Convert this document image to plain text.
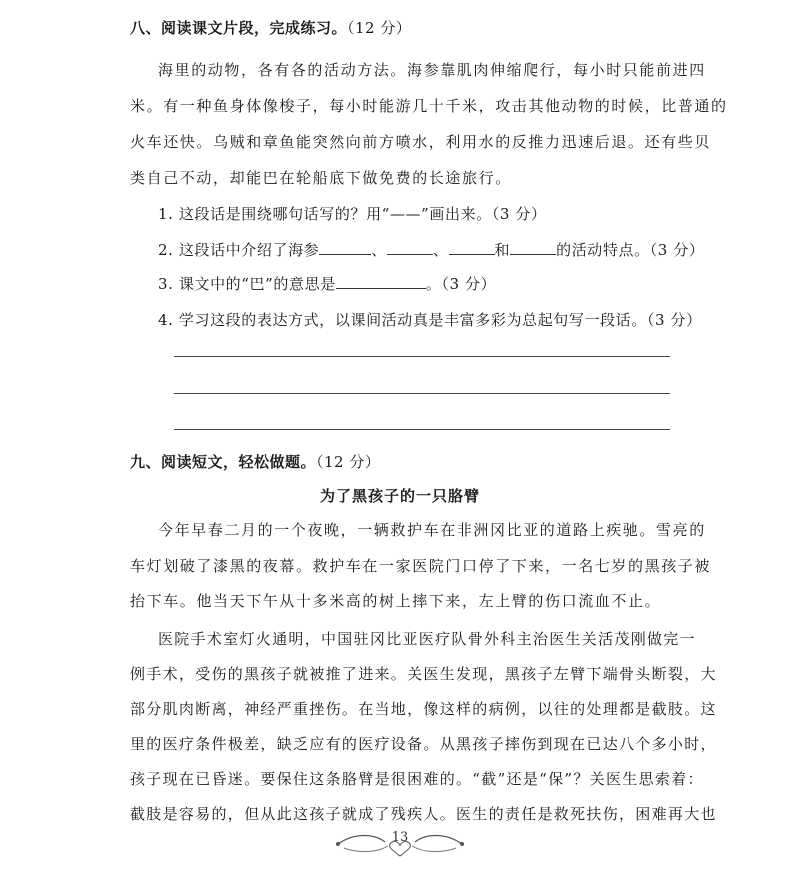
八、阅读课文片段，完成练习。（12 分）
海里的动物，各有各的活动方法。海参靠肌肉伸缩爬行，每小时只能前进四
米。有一种鱼身体像梭子，每小时能游几十千米，攻击其他动物的时候，比普通的
火车还快。乌贼和章鱼能突然向前方喷水，利用水的反推力迅速后退。还有些贝
类自己不动，却能巴在轮船底下做免费的长途旅行。
1. 这段话是围绕哪句话写的？用“——”画出来。（3 分）
2. 这段话中介绍了海参	、	、	和	的活动特点。（3 分）
3. 课文中的“巴”的意思是	。（3 分）
4. 学习这段的表达方式，以课间活动真是丰富多彩为总起句写一段话。（3 分）
九、阅读短文，轻松做题。（12 分）
为了黑孩子的一只胳臂
今年早春二月的一个夜晚，一辆救护车在非洲冈比亚的道路上疾驰。雪亮的
车灯划破了漆黑的夜幕。救护车在一家医院门口停了下来，一名七岁的黑孩子被
抬下车。他当天下午从十多米高的树上摔下来，左上臂的伤口流血不止。
医院手术室灯火通明，中国驻冈比亚医疗队骨外科主治医生关活茂刚做完一
例手术，受伤的黑孩子就被推了进来。关医生发现，黑孩子左臂下端骨头断裂，大
部分肌肉断离，神经严重挫伤。在当地，像这样的病例，以往的处理都是截肢。这
里的医疗条件极差，缺乏应有的医疗设备。从黑孩子摔伤到现在已达八个多小时，
孩子现在已昏迷。要保住这条胳臂是很困难的。“截”还是“保”？关医生思索着：
截肢是容易的，但从此这孩子就成了残疾人。医生的责任是救死扶伤，困难再大也
13
